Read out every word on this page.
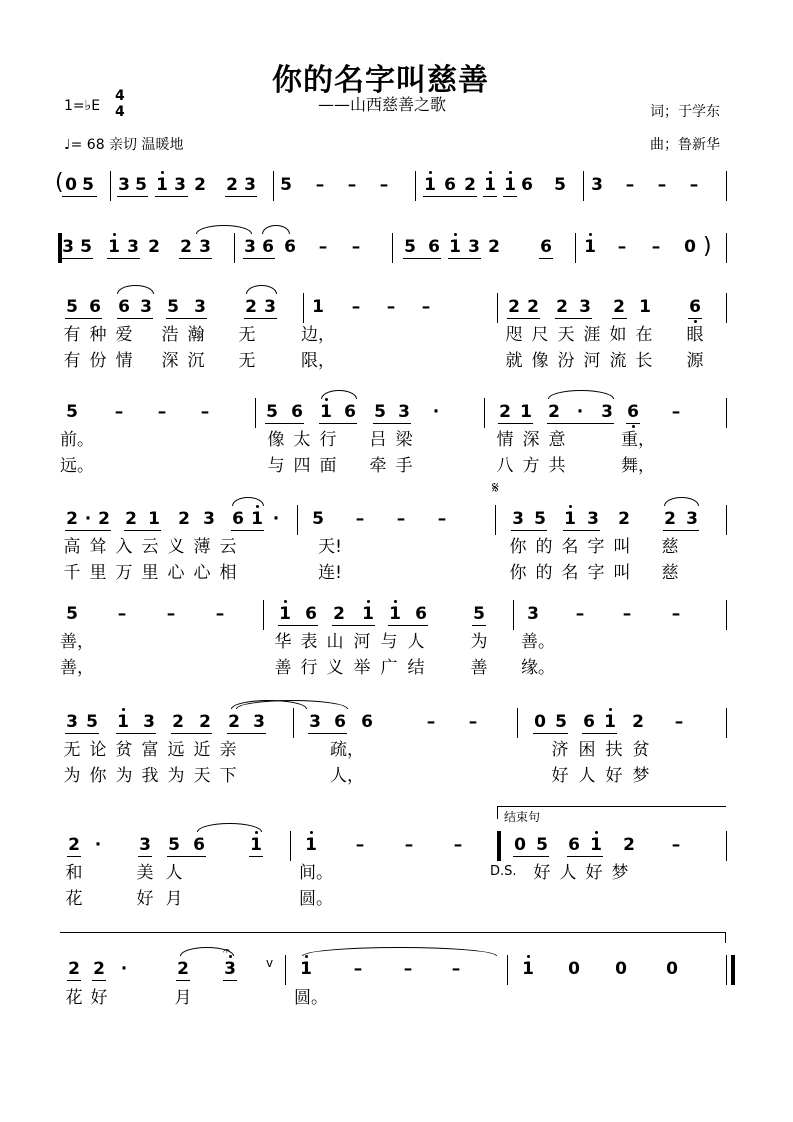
你的名字叫慈善
——山西慈善之歌
1=♭E
4
4
♩= 68 亲切 温暖地
词；于学东
曲；鲁新华
( 0 5 3 5 1 3 2 2 3 5 – – – 1 6 2 1 1 6 5 3 – – –
有 种 爱 浩 瀚 无	边，	咫 尺 天 涯 如 在 眼
有 份 情 深 沉 无	限，	就 像 汾 河 流 长 源
前。	像 太 行 吕 梁	情 深 意	重，
远。	与 四 面 牵 手	八 方 共	舞，
高 耸 入 云 义 薄 云	天!	你 的 名 字 叫 慈
千 里 万 里 心 心 相	连!	你 的 名 字 叫 慈
善，	华 表 山 河 与 人	为 善。
善，	善 行 义 举 广 结	善 缘。
无 论 贫 富 远 近 亲	疏，	济 困 扶 贫
为 你 为 我 为 天 下	人，	好 人 好 梦
和	美 人	间。	好 人 好 梦
花	好 月	圆。
花 好	月	圆。
3 5 1 3 2 2 3 3 6 6 – –	5 6 1 3 2 6 1 – – 0 )
5 6 6 3 5 3 2 3 1 – – –	2 2 2 3 2 1 6
5 – – –	5 6 1 6 5 3 ·	2 1 2 · 3 6 –
𝄋
2 · 2 2 1 2 3 6 1 · 5 – – –	3 5 1 3 2 2 3
5 – – –	1 6 2 1 1 6	5 3 – – –
3 5 1 3 2 2 2 3	3 6 6	– –	0 5 6 1 2 –
结束句
2 · 3 5 6	1	1 – – –	0 5 6 1 2 –
D.S.
2 2 ·	2 3	1 – – –	1 0 0 0
v
𝄐
